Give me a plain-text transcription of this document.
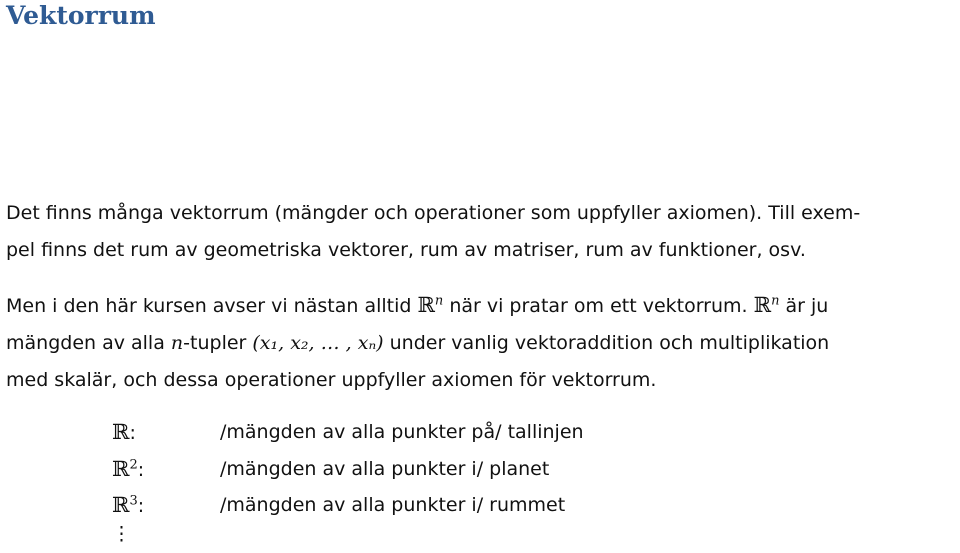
Vektorrum
Det finns många vektorrum (mängder och operationer som uppfyller axiomen). Till exem-
pel finns det rum av geometriska vektorer, rum av matriser, rum av funktioner, osv.
Men i den här kursen avser vi nästan alltid ℝ$^n$ när vi pratar om ett vektorrum. ℝ$^n$ är ju
mängden av alla n-tupler (x₁, x₂, … , xₙ) under vanlig vektoraddition och multiplikation
med skalär, och dessa operationer uppfyller axiomen för vektorrum.
ℝ:	/mängden av alla punkter på/ tallinjen
ℝ$^2$:	/mängden av alla punkter i/ planet
ℝ$^3$:	/mängden av alla punkter i/ rummet
⋮
